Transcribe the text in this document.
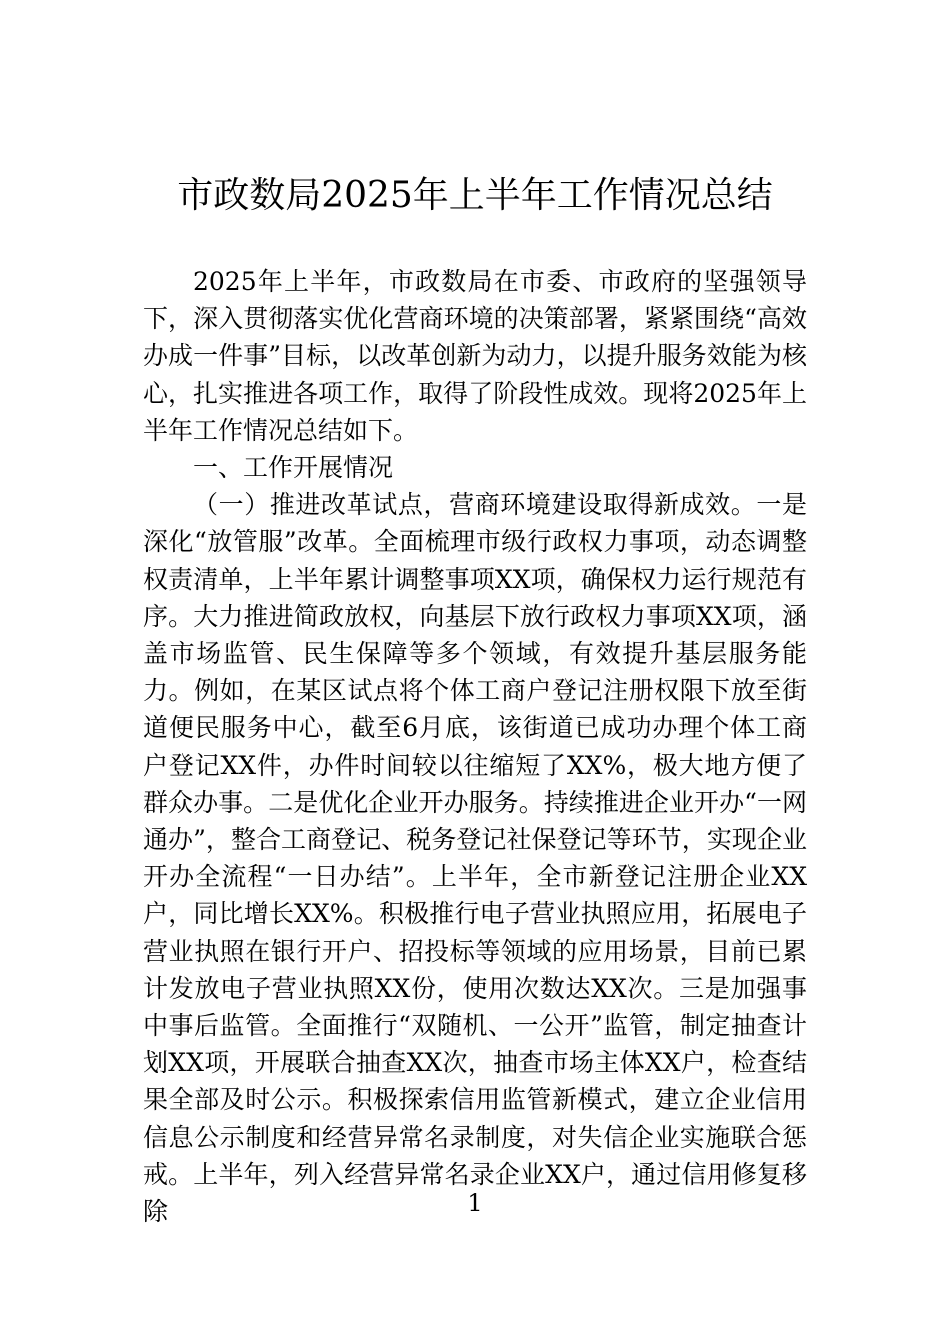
市政数局2025年上半年工作情况总结

2025年上半年，市政数局在市委、市政府的坚强领导下，深入贯彻落实优化营商环境的决策部署，紧紧围绕“高效办成一件事”目标，以改革创新为动力，以提升服务效能为核心，扎实推进各项工作，取得了阶段性成效。现将2025年上半年工作情况总结如下。

一、工作开展情况

（一）推进改革试点，营商环境建设取得新成效。一是深化“放管服”改革。全面梳理市级行政权力事项，动态调整权责清单，上半年累计调整事项XX项，确保权力运行规范有序。大力推进简政放权，向基层下放行政权力事项XX项，涵盖市场监管、民生保障等多个领域，有效提升基层服务能力。例如，在某区试点将个体工商户登记注册权限下放至街道便民服务中心，截至6月底，该街道已成功办理个体工商户登记XX件，办件时间较以往缩短了XX%，极大地方便了群众办事。二是优化企业开办服务。持续推进企业开办“一网通办”，整合工商登记、税务登记社保登记等环节，实现企业开办全流程“一日办结”。上半年，全市新登记注册企业XX户，同比增长XX%。积极推行电子营业执照应用，拓展电子营业执照在银行开户、招投标等领域的应用场景，目前已累计发放电子营业执照XX份，使用次数达XX次。三是加强事中事后监管。全面推行“双随机、一公开”监管，制定抽查计划XX项，开展联合抽查XX次，抽查市场主体XX户，检查结果全部及时公示。积极探索信用监管新模式，建立企业信用信息公示制度和经营异常名录制度，对失信企业实施联合惩戒。上半年，列入经营异常名录企业XX户，通过信用修复移除	1
